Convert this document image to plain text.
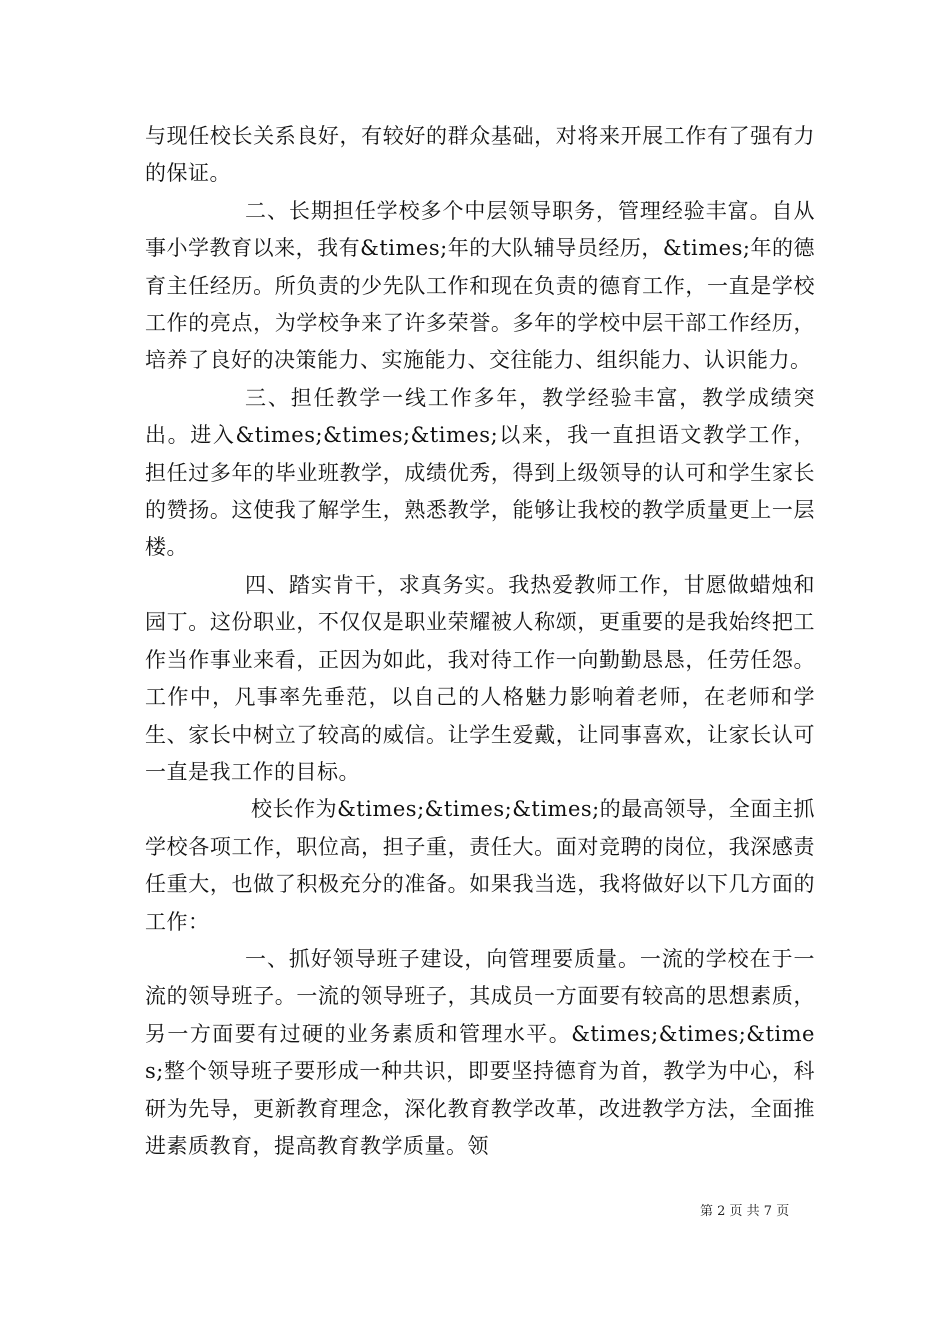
与现任校长关系良好，有较好的群众基础，对将来开展工作有了强有力的保证。

二、长期担任学校多个中层领导职务，管理经验丰富。自从事小学教育以来，我有&times;年的大队辅导员经历，&times;年的德育主任经历。所负责的少先队工作和现在负责的德育工作，一直是学校工作的亮点，为学校争来了许多荣誉。多年的学校中层干部工作经历，培养了良好的决策能力、实施能力、交往能力、组织能力、认识能力。

三、担任教学一线工作多年，教学经验丰富，教学成绩突出。进入&times;&times;&times;以来，我一直担语文教学工作，担任过多年的毕业班教学，成绩优秀，得到上级领导的认可和学生家长的赞扬。这使我了解学生，熟悉教学，能够让我校的教学质量更上一层楼。

四、踏实肯干，求真务实。我热爱教师工作，甘愿做蜡烛和园丁。这份职业，不仅仅是职业荣耀被人称颂，更重要的是我始终把工作当作事业来看，正因为如此，我对待工作一向勤勤恳恳，任劳任怨。工作中，凡事率先垂范，以自己的人格魅力影响着老师，在老师和学生、家长中树立了较高的威信。让学生爱戴，让同事喜欢，让家长认可一直是我工作的目标。

校长作为&times;&times;&times;的最高领导，全面主抓学校各项工作，职位高，担子重，责任大。面对竞聘的岗位，我深感责任重大，也做了积极充分的准备。如果我当选，我将做好以下几方面的工作：

一、抓好领导班子建设，向管理要质量。一流的学校在于一流的领导班子。一流的领导班子，其成员一方面要有较高的思想素质，另一方面要有过硬的业务素质和管理水平。&times;&times;&times;整个领导班子要形成一种共识，即要坚持德育为首，教学为中心，科研为先导，更新教育理念，深化教育教学改革，改进教学方法，全面推进素质教育，提高教育教学质量。领

第 2 页 共 7 页
